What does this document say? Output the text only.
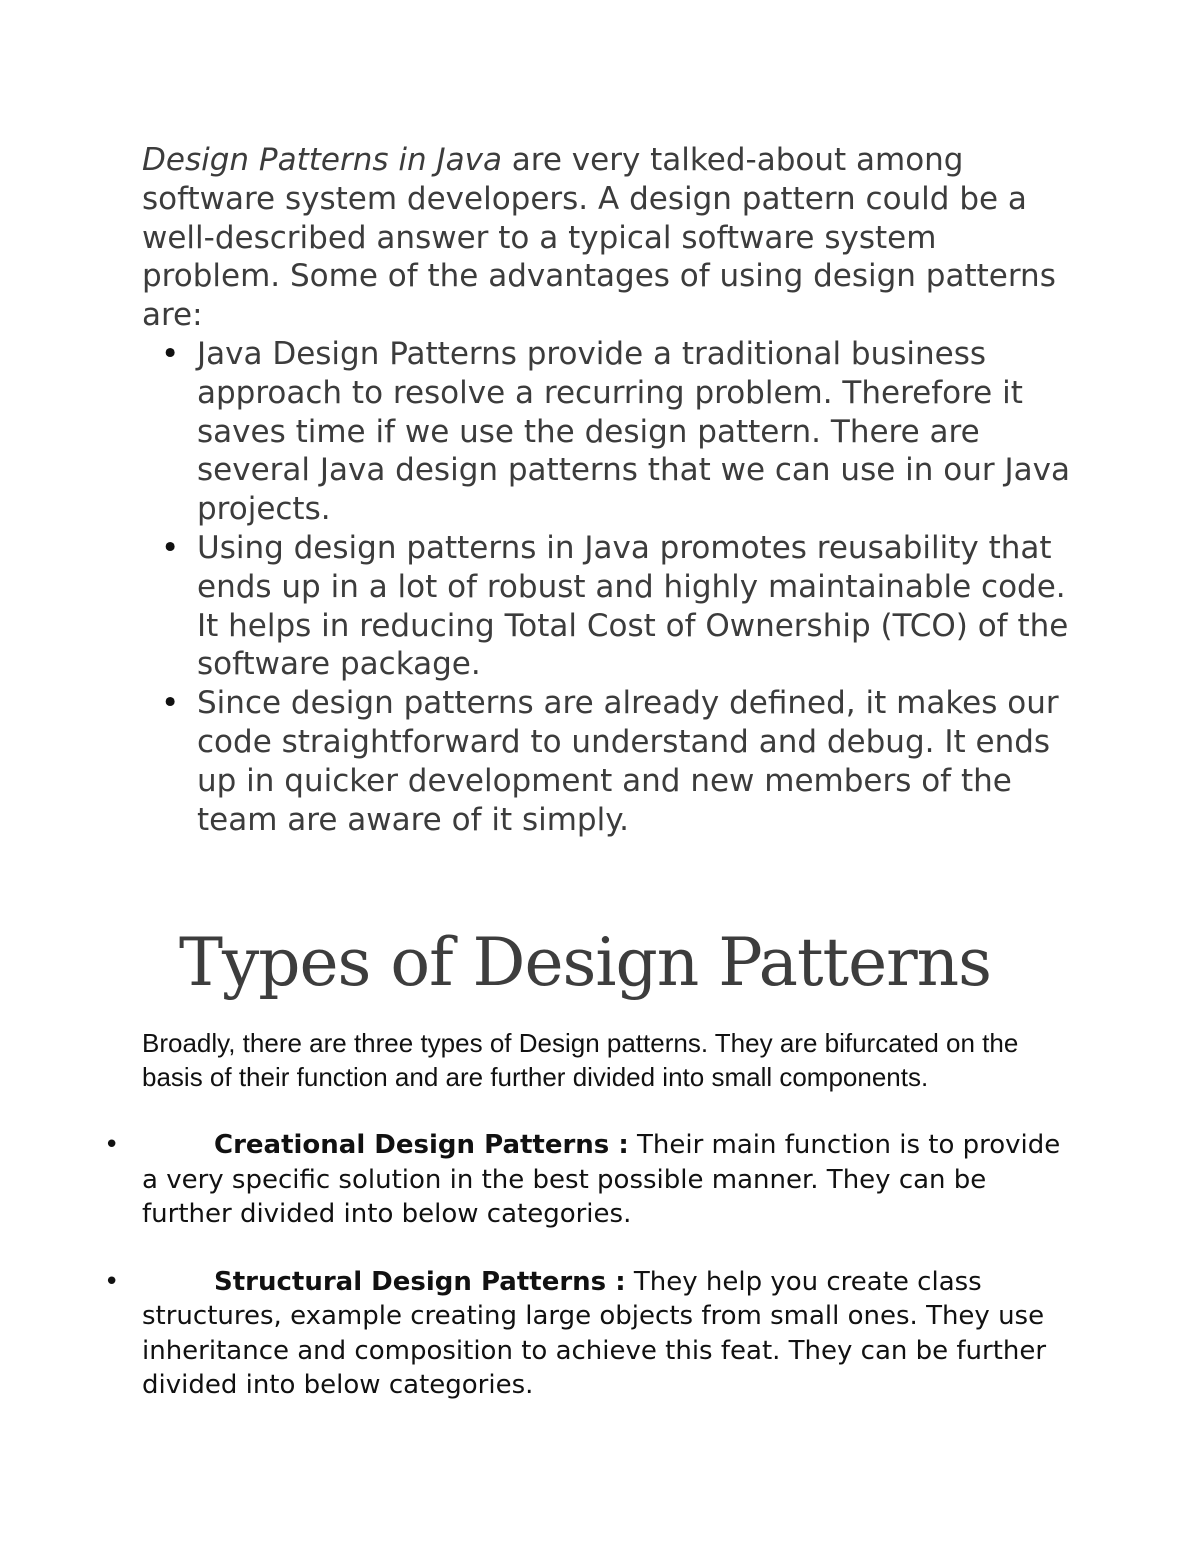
Design Patterns in Java are very talked-about among software system developers. A design pattern could be a well-described answer to a typical software system problem. Some of the advantages of using design patterns are:

• Java Design Patterns provide a traditional business approach to resolve a recurring problem. Therefore it saves time if we use the design pattern. There are several Java design patterns that we can use in our Java projects.
• Using design patterns in Java promotes reusability that ends up in a lot of robust and highly maintainable code. It helps in reducing Total Cost of Ownership (TCO) of the software package.
• Since design patterns are already defined, it makes our code straightforward to understand and debug. It ends up in quicker development and new members of the team are aware of it simply.
Types of Design Patterns

Broadly, there are three types of Design patterns. They are bifurcated on the basis of their function and are further divided into small components.

•	Creational Design Patterns : Their main function is to provide a very specific solution in the best possible manner. They can be further divided into below categories.
•	Structural Design Patterns : They help you create class structures, example creating large objects from small ones. They use inheritance and composition to achieve this feat. They can be further divided into below categories.
